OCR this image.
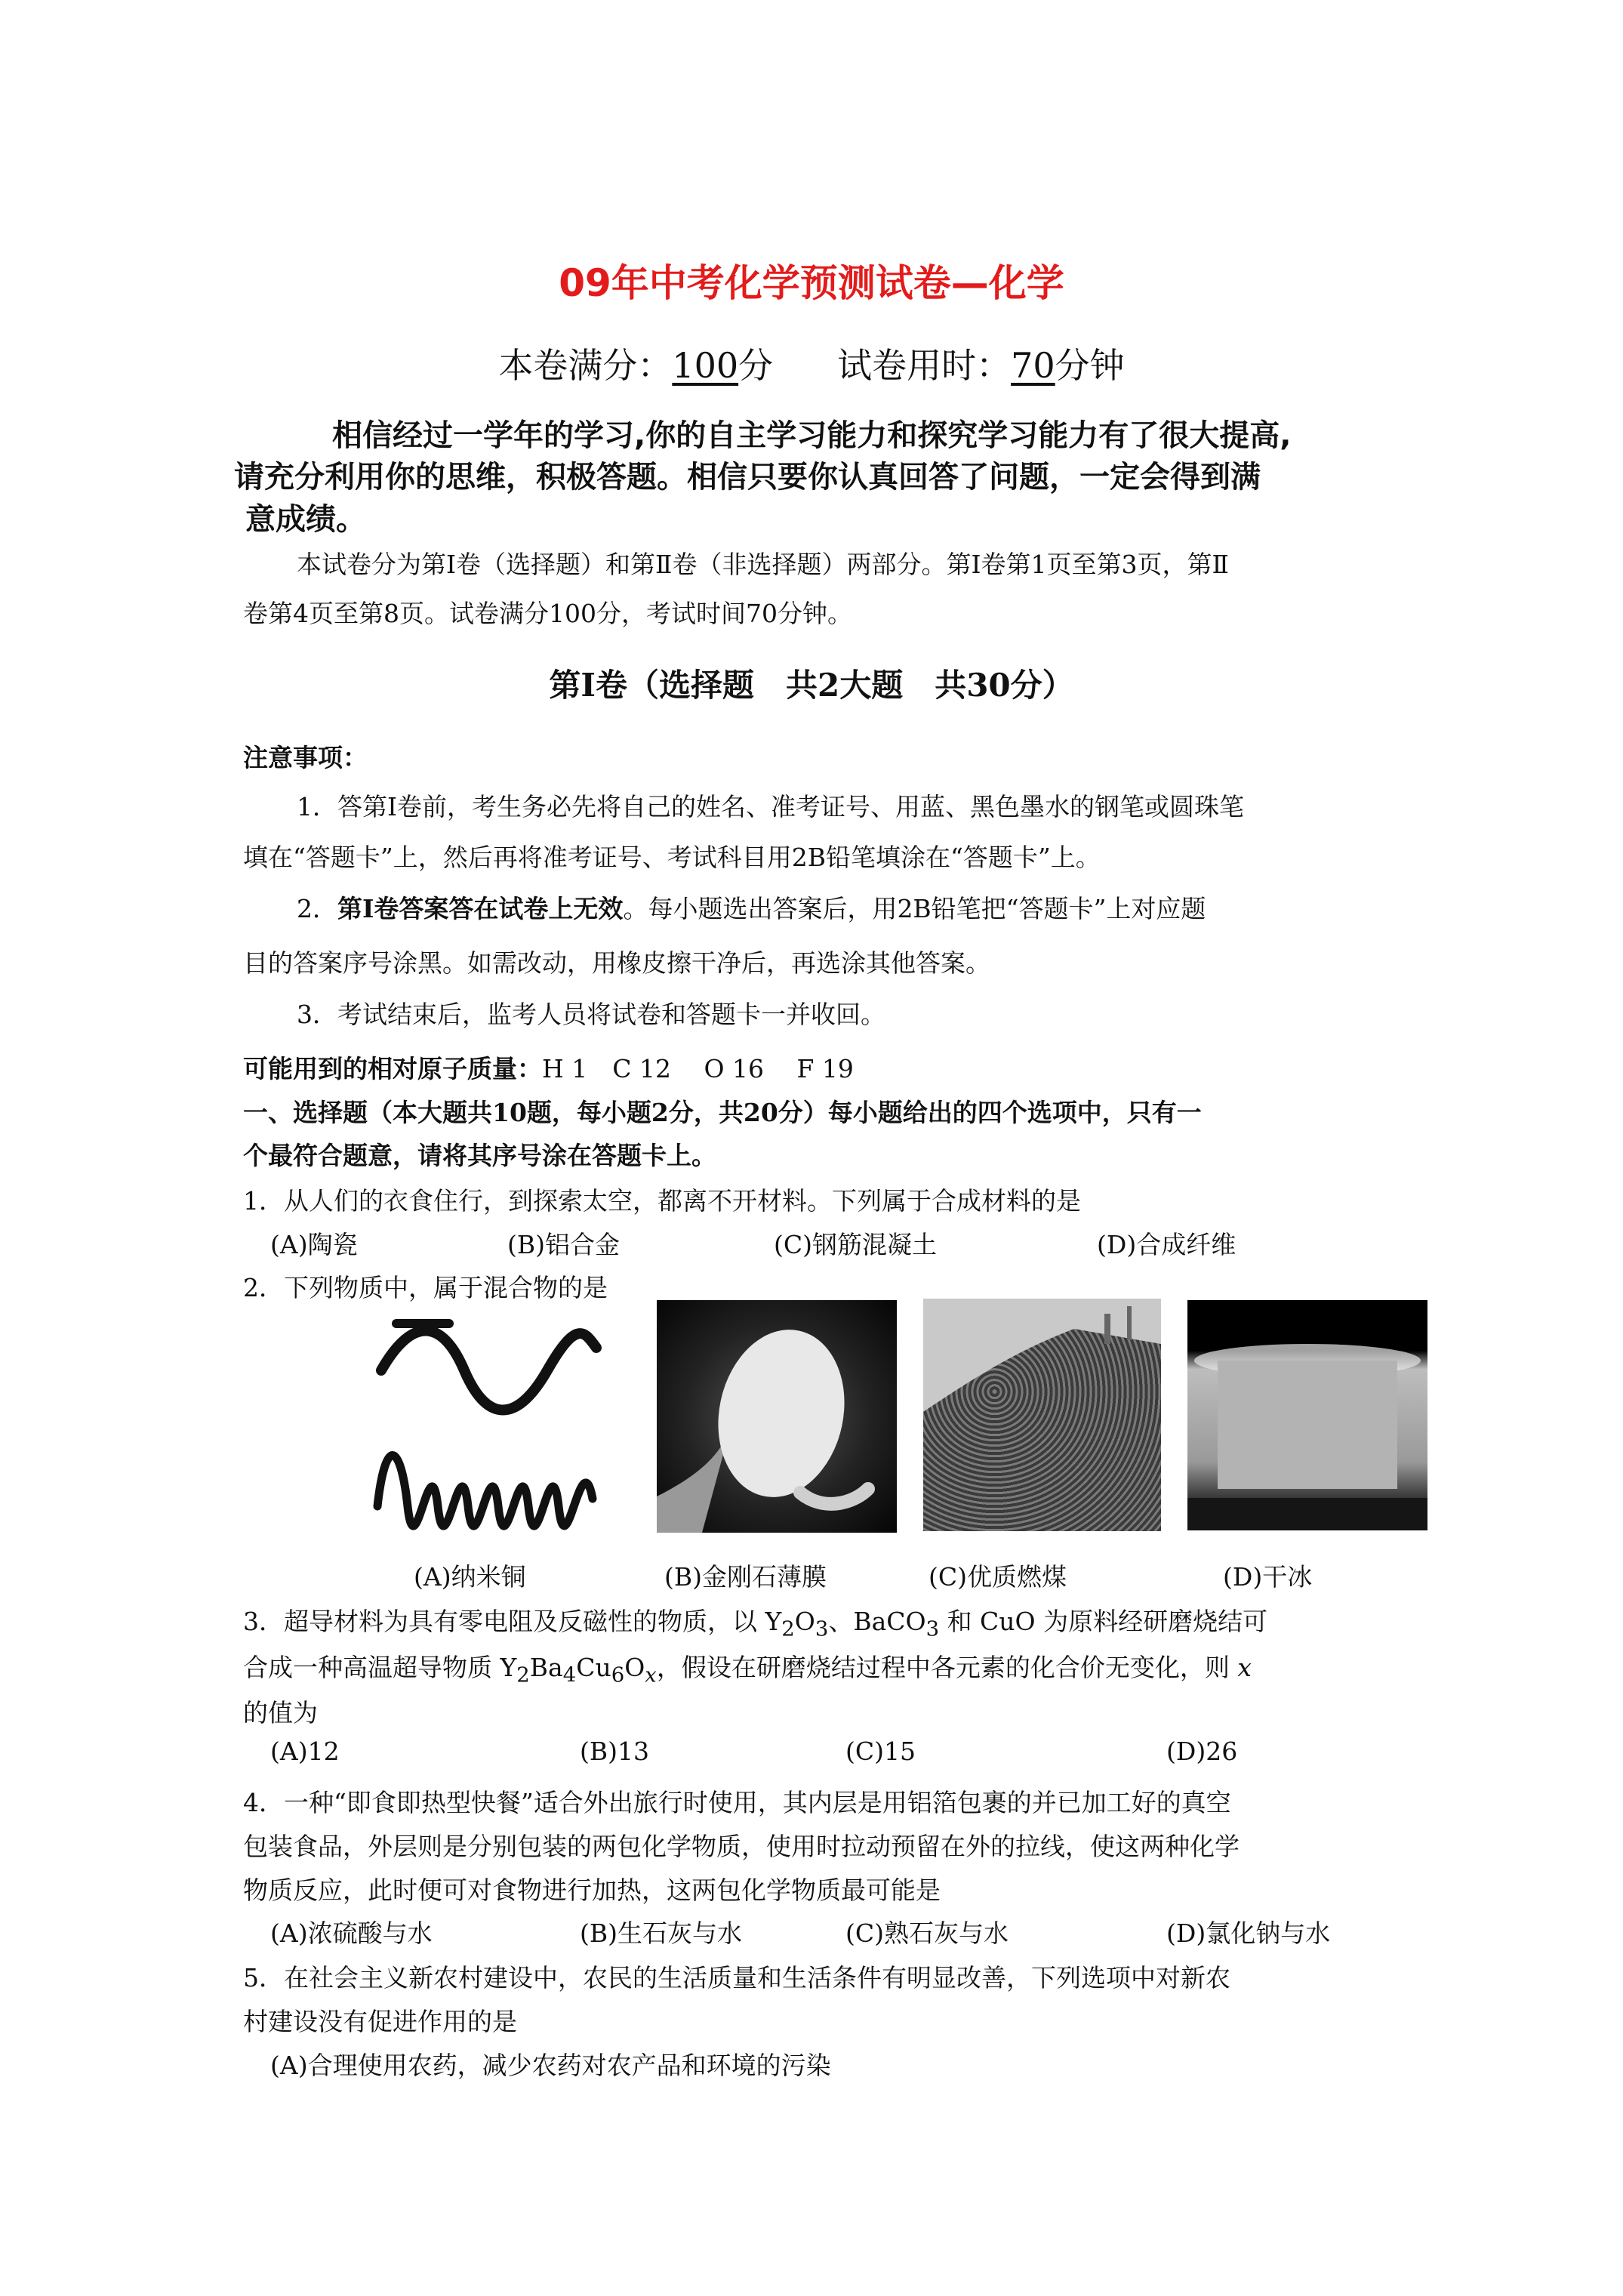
09年中考化学预测试卷—化学
本卷满分：100分 试卷用时：70分钟
相信经过一学年的学习,你的自主学习能力和探究学习能力有了很大提高,
请充分利用你的思维，积极答题。相信只要你认真回答了问题，一定会得到满
意成绩。
本试卷分为第Ⅰ卷（选择题）和第Ⅱ卷（非选择题）两部分。第Ⅰ卷第1页至第3页，第Ⅱ
卷第4页至第8页。试卷满分100分，考试时间70分钟。
第Ⅰ卷（选择题　共2大题　共30分）
注意事项：
1．答第Ⅰ卷前，考生务必先将自己的姓名、准考证号、用蓝、黑色墨水的钢笔或圆珠笔
填在“答题卡”上，然后再将准考证号、考试科目用2B铅笔填涂在“答题卡”上。
2．第Ⅰ卷答案答在试卷上无效。每小题选出答案后，用2B铅笔把“答题卡”上对应题
目的答案序号涂黑。如需改动，用橡皮擦干净后，再选涂其他答案。
3．考试结束后，监考人员将试卷和答题卡一并收回。
可能用到的相对原子质量：H 1　C 12　 O 16　 F 19
一、选择题（本大题共10题，每小题2分，共20分）每小题给出的四个选项中，只有一
个最符合题意，请将其序号涂在答题卡上。
1．从人们的衣食住行，到探索太空，都离不开材料。下列属于合成材料的是
(A)陶瓷	(B)铝合金	(C)钢筋混凝土	(D)合成纤维
2．下列物质中，属于混合物的是
(A)纳米铜	(B)金刚石薄膜	(C)优质燃煤	(D)干冰
3．超导材料为具有零电阻及反磁性的物质，以 $Y_2O_3$、BaCO$_3$ 和 CuO 为原料经研磨烧结可
合成一种高温超导物质 $Y_2Ba_4Cu_6O_x$，假设在研磨烧结过程中各元素的化合价无变化，则 x
的值为
(A)12	(B)13	(C)15	(D)26
4．一种“即食即热型快餐”适合外出旅行时使用，其内层是用铝箔包裹的并已加工好的真空
包装食品，外层则是分别包装的两包化学物质，使用时拉动预留在外的拉线，使这两种化学
物质反应，此时便可对食物进行加热，这两包化学物质最可能是
(A)浓硫酸与水	(B)生石灰与水	(C)熟石灰与水	(D)氯化钠与水
5．在社会主义新农村建设中，农民的生活质量和生活条件有明显改善，下列选项中对新农
村建设没有促进作用的是
(A)合理使用农药，减少农药对农产品和环境的污染
